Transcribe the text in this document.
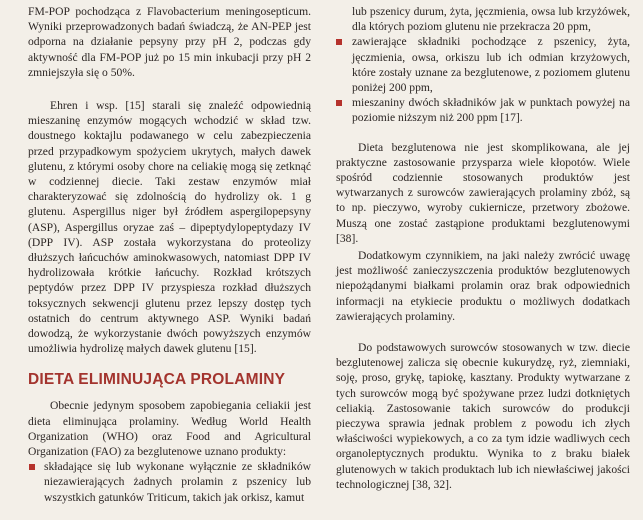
FM-POP pochodząca z Flavobacterium meningosepticum. Wyniki przeprowadzonych badań świadczą, że AN-PEP jest odporna na działanie pepsyny przy pH 2, podczas gdy aktywność dla FM-POP już po 15 min inkubacji przy pH 2 zmniejszyła się o 50%.

Ehren i wsp. [15] starali się znaleźć odpowiednią mieszaninę enzymów mogących wchodzić w skład tzw. doustnego koktajlu podawanego w celu zabezpieczenia przed przypadkowym spożyciem ukrytych, małych dawek glutenu, z którymi osoby chore na celiakię mogą się zetknąć w codziennej diecie. Taki zestaw enzymów miał charakteryzować się zdolnością do hydrolizy ok. 1 g glutenu. Aspergillus niger był źródłem aspergilopepsyny (ASP), Aspergillus oryzae zaś – dipeptydylopeptydazy IV (DPP IV). ASP została wykorzystana do proteolizy dłuższych łańcuchów aminokwasowych, natomiast DPP IV hydrolizowała krótkie łańcuchy. Rozkład krótszych peptydów przez DPP IV przyspiesza rozkład dłuższych toksycznych sekwencji glutenu przez lepszy dostęp tych ostatnich do centrum aktywnego ASP. Wyniki badań dowodzą, że wykorzystanie dwóch powyższych enzymów umożliwia hydrolizę małych dawek glutenu [15].

DIETA ELIMINUJĄCA PROLAMINY

Obecnie jedynym sposobem zapobiegania celiakii jest dieta eliminująca prolaminy. Według World Health Organization (WHO) oraz Food and Agricultural Organization (FAO) za bezglutenowe uznano produkty:

składające się lub wykonane wyłącznie ze składników niezawierających żadnych prolamin z pszenicy lub wszystkich gatunków Triticum, takich jak orkisz, kamut

lub pszenicy durum, żyta, jęczmienia, owsa lub krzyżówek, dla których poziom glutenu nie przekracza 20 ppm,

zawierające składniki pochodzące z pszenicy, żyta, jęczmienia, owsa, orkiszu lub ich odmian krzyżowych, które zostały uznane za bezglutenowe, z poziomem glutenu poniżej 200 ppm,
mieszaniny dwóch składników jak w punktach powyżej na poziomie niższym niż 200 ppm [17].

Dieta bezglutenowa nie jest skomplikowana, ale jej praktyczne zastosowanie przysparza wiele kłopotów. Wiele spośród codziennie stosowanych produktów jest wytwarzanych z surowców zawierających prolaminy zbóż, są to np. pieczywo, wyroby cukiernicze, przetwory zbożowe. Muszą one zostać zastąpione produktami bezglutenowymi [38].

Dodatkowym czynnikiem, na jaki należy zwrócić uwagę jest możliwość zanieczyszczenia produktów bezglutenowych niepożądanymi białkami prolamin oraz brak odpowiednich informacji na etykiecie produktu o możliwych dodatkach zawierających prolaminy.

Do podstawowych surowców stosowanych w tzw. diecie bezglutenowej zalicza się obecnie kukurydzę, ryż, ziemniaki, soję, proso, grykę, tapiokę, kasztany. Produkty wytwarzane z tych surowców mogą być spożywane przez ludzi dotkniętych celiakią. Zastosowanie takich surowców do produkcji pieczywa sprawia jednak problem z powodu ich złych właściwości wypiekowych, a co za tym idzie wadliwych cech organoleptycznych produktu. Wynika to z braku białek glutenowych w takich produktach lub ich niewłaściwej jakości technologicznej [38, 32].
